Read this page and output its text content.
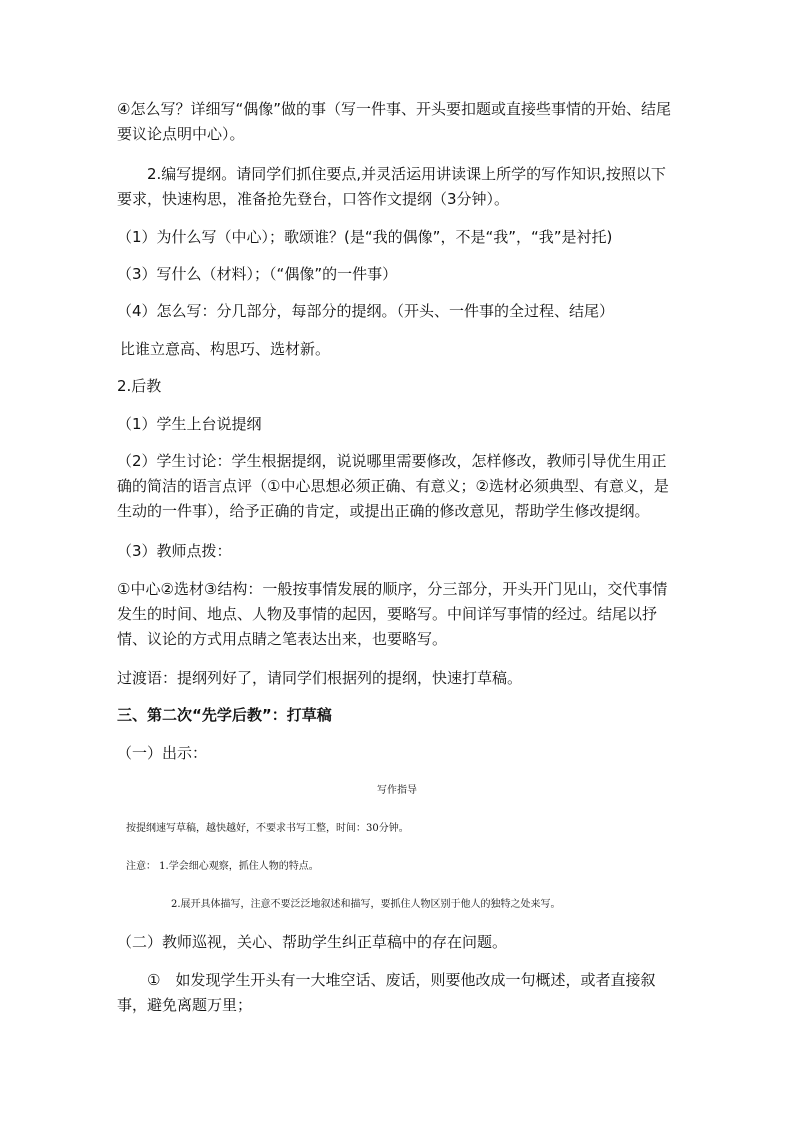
④怎么写？详细写“偶像”做的事（写一件事、开头要扣题或直接些事情的开始、结尾要议论点明中心）。

2.编写提纲。请同学们抓住要点,并灵活运用讲读课上所学的写作知识,按照以下要求，快速构思，准备抢先登台，口答作文提纲（3分钟）。

（1）为什么写（中心）；歌颂谁？(是“我的偶像”，不是“我”，“我”是衬托)

（3）写什么（材料）；（“偶像”的一件事）

（4）怎么写：分几部分，每部分的提纲。（开头、一件事的全过程、结尾）

比谁立意高、构思巧、选材新。

2.后教

（1）学生上台说提纲

（2）学生讨论：学生根据提纲，说说哪里需要修改，怎样修改，教师引导优生用正确的简洁的语言点评（①中心思想必须正确、有意义；②选材必须典型、有意义，是生动的一件事），给予正确的肯定，或提出正确的修改意见，帮助学生修改提纲。

（3）教师点拨：

①中心②选材③结构：一般按事情发展的顺序，分三部分，开头开门见山，交代事情发生的时间、地点、人物及事情的起因，要略写。中间详写事情的经过。结尾以抒情、议论的方式用点睛之笔表达出来，也要略写。

过渡语：提纲列好了，请同学们根据列的提纲，快速打草稿。

三、第二次“先学后教”：打草稿

（一）出示：

写作指导
按提纲速写草稿，越快越好，不要求书写工整，时间：30分钟。
注意： 1.学会细心观察，抓住人物的特点。
2.展开具体描写，注意不要泛泛地叙述和描写，要抓住人物区别于他人的独特之处来写。

（二）教师巡视，关心、帮助学生纠正草稿中的存在问题。

①　如发现学生开头有一大堆空话、废话，则要他改成一句概述，或者直接叙事，避免离题万里；
